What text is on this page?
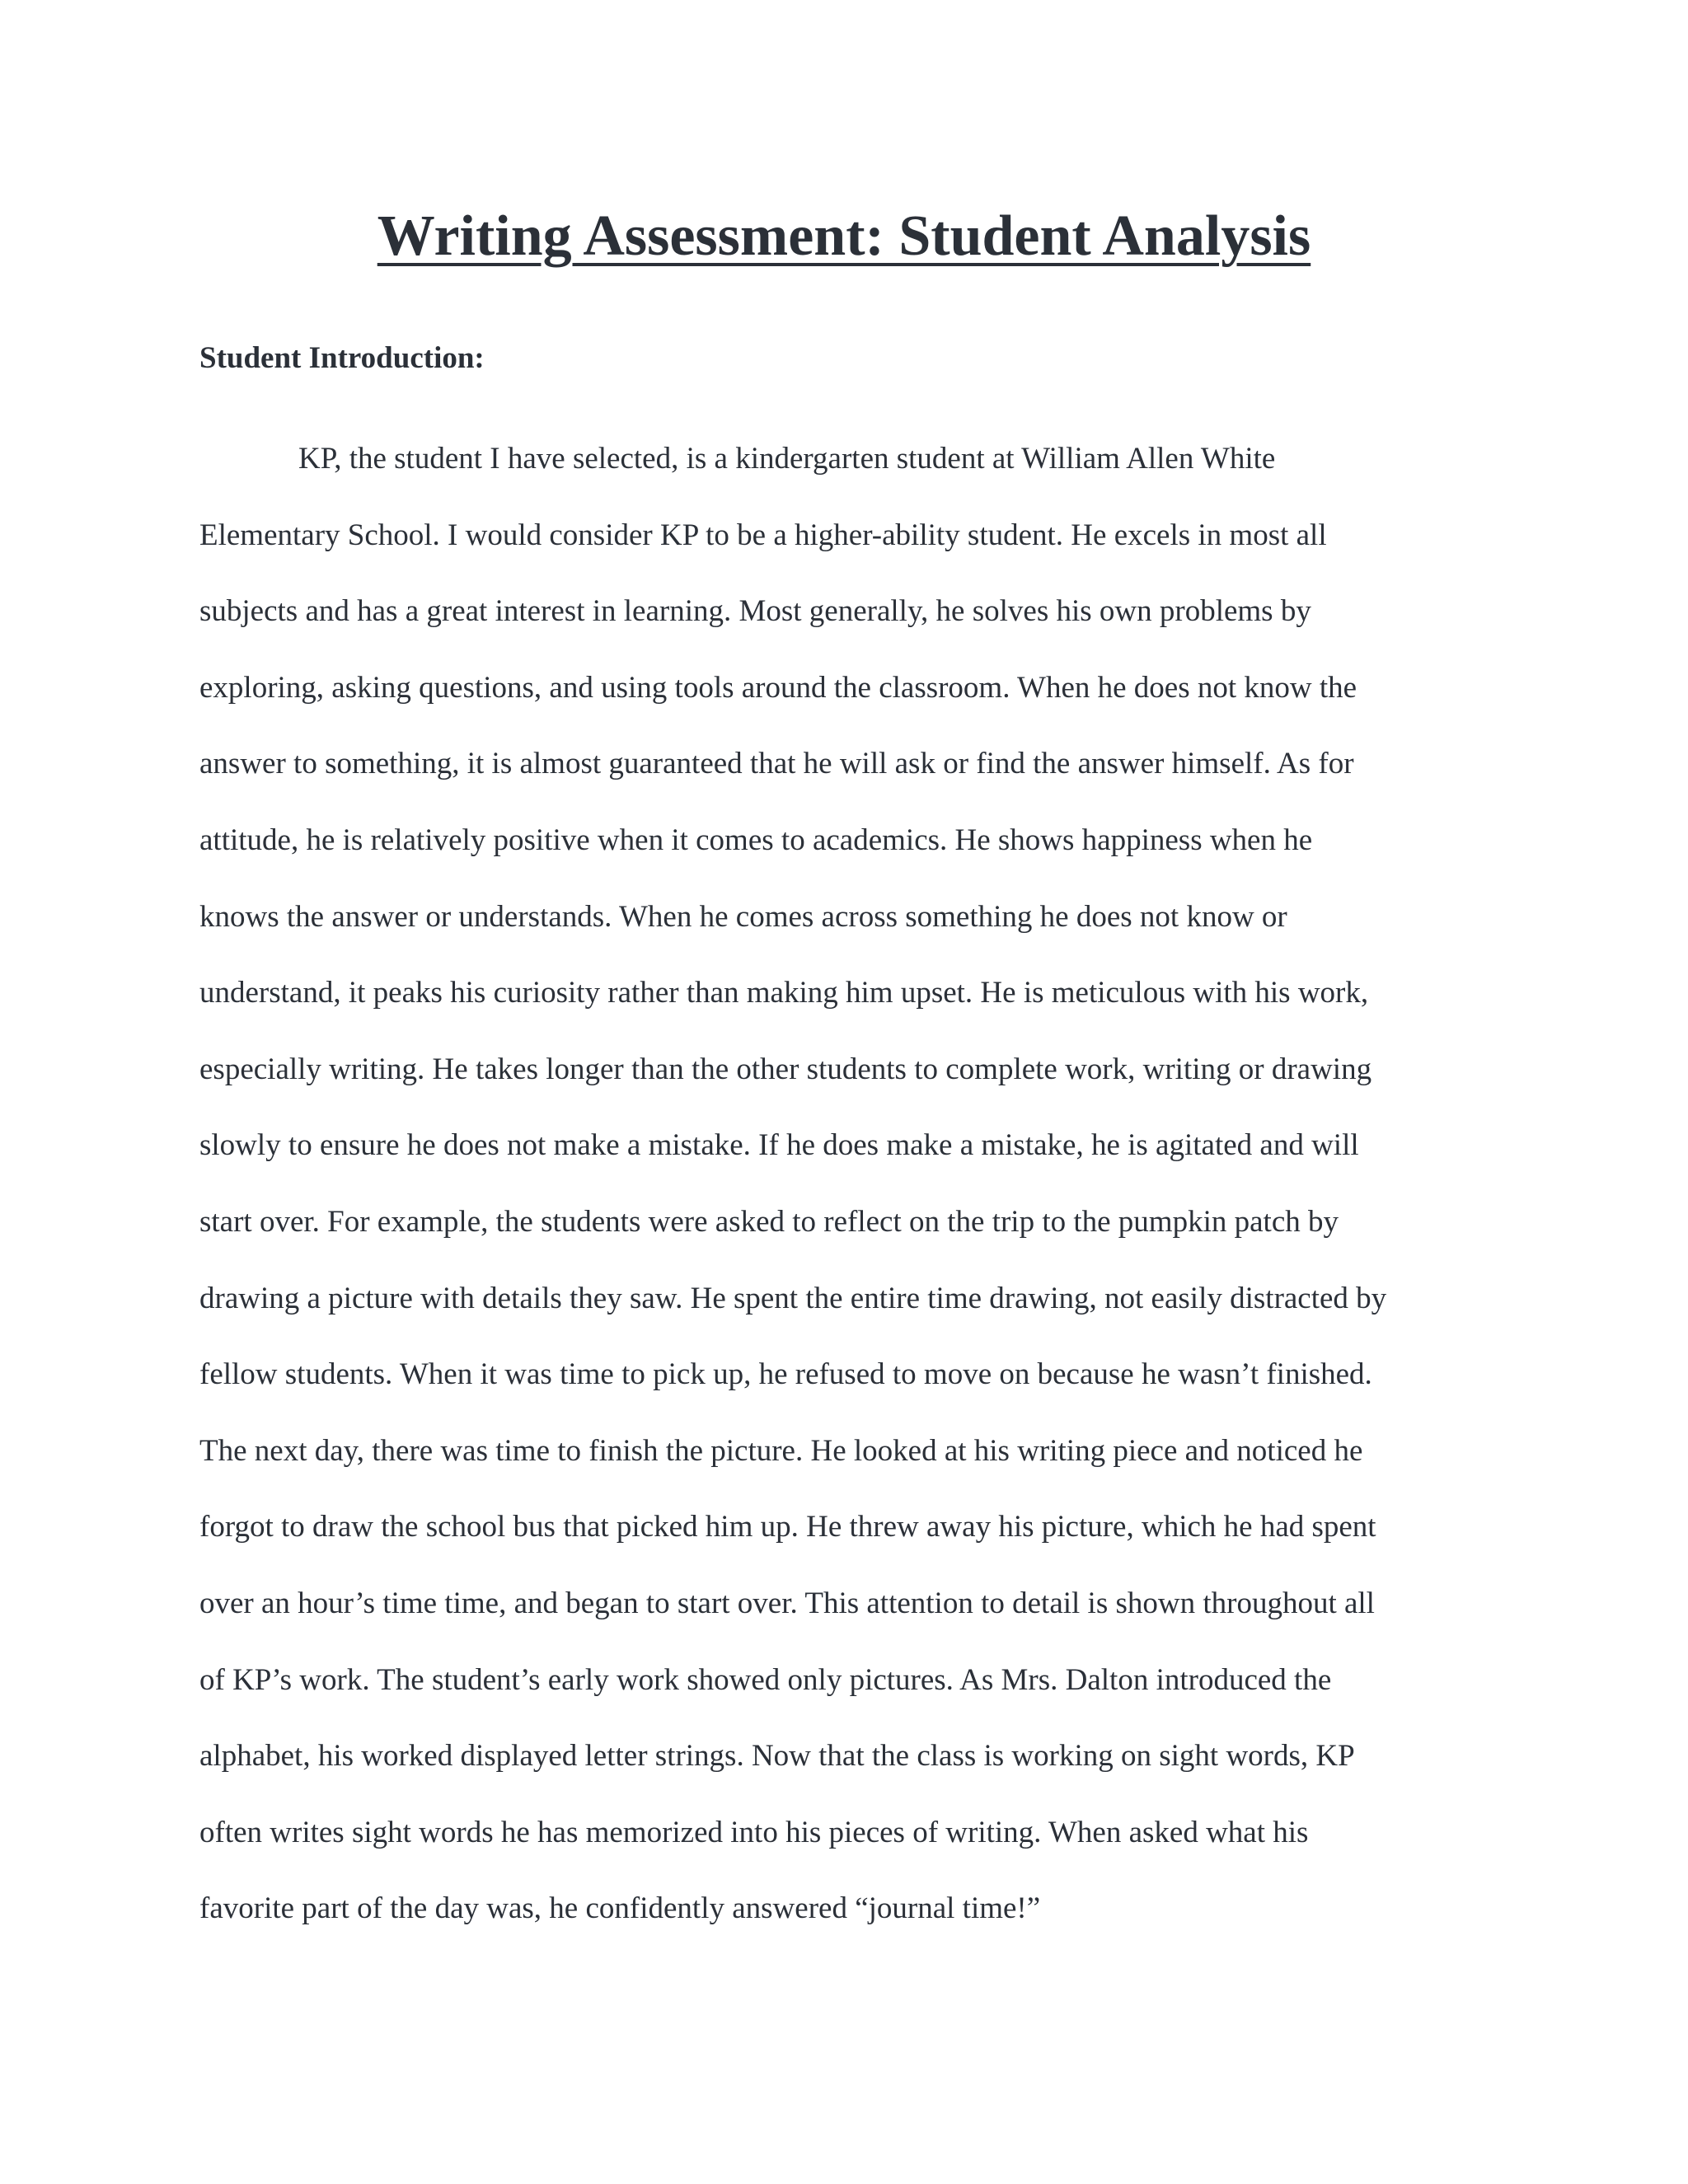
Writing Assessment: Student Analysis
Student Introduction:
KP, the student I have selected, is a kindergarten student at William Allen White
Elementary School. I would consider KP to be a higher-ability student. He excels in most all
subjects and has a great interest in learning. Most generally, he solves his own problems by
exploring, asking questions, and using tools around the classroom. When he does not know the
answer to something, it is almost guaranteed that he will ask or find the answer himself. As for
attitude, he is relatively positive when it comes to academics. He shows happiness when he
knows the answer or understands. When he comes across something he does not know or
understand, it peaks his curiosity rather than making him upset. He is meticulous with his work,
especially writing. He takes longer than the other students to complete work, writing or drawing
slowly to ensure he does not make a mistake. If he does make a mistake, he is agitated and will
start over. For example, the students were asked to reflect on the trip to the pumpkin patch by
drawing a picture with details they saw. He spent the entire time drawing, not easily distracted by
fellow students. When it was time to pick up, he refused to move on because he wasn’t finished.
The next day, there was time to finish the picture. He looked at his writing piece and noticed he
forgot to draw the school bus that picked him up. He threw away his picture, which he had spent
over an hour’s time time, and began to start over. This attention to detail is shown throughout all
of KP’s work. The student’s early work showed only pictures. As Mrs. Dalton introduced the
alphabet, his worked displayed letter strings. Now that the class is working on sight words, KP
often writes sight words he has memorized into his pieces of writing. When asked what his
favorite part of the day was, he confidently answered “journal time!”
